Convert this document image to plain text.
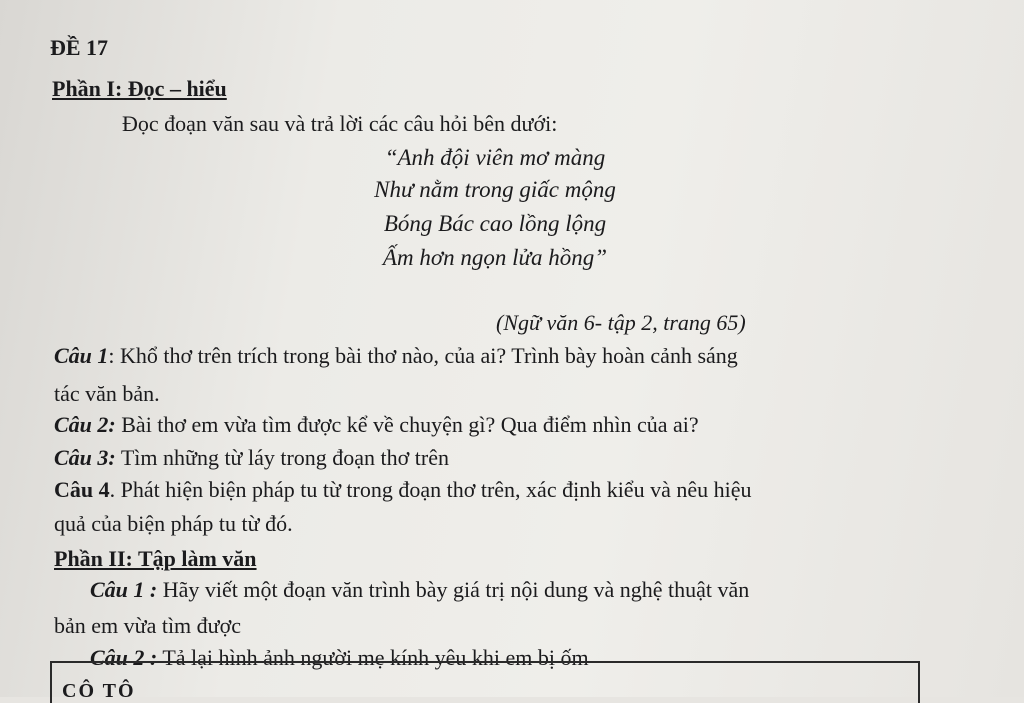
ĐỀ 17
Phần I: Đọc – hiểu
Đọc đoạn văn sau và trả lời các câu hỏi bên dưới:
“Anh đội viên mơ màng
Như nằm trong giấc mộng
Bóng Bác cao lồng lộng
Ấm hơn ngọn lửa hồng”
(Ngữ văn 6- tập 2, trang 65)
Câu 1: Khổ thơ trên trích trong bài thơ nào, của ai? Trình bày hoàn cảnh sáng
tác văn bản.
Câu 2: Bài thơ em vừa tìm được kể về chuyện gì? Qua điểm nhìn của ai?
Câu 3: Tìm những từ láy trong đoạn thơ trên
Câu 4. Phát hiện biện pháp tu từ trong đoạn thơ trên, xác định kiểu và nêu hiệu
quả của biện pháp tu từ đó.
Phần II: Tập làm văn
Câu 1 : Hãy viết một đoạn văn trình bày giá trị nội dung và nghệ thuật văn
bản em vừa tìm được
Câu 2 : Tả lại hình ảnh người mẹ kính yêu khi em bị ốm
CÔ TÔ
